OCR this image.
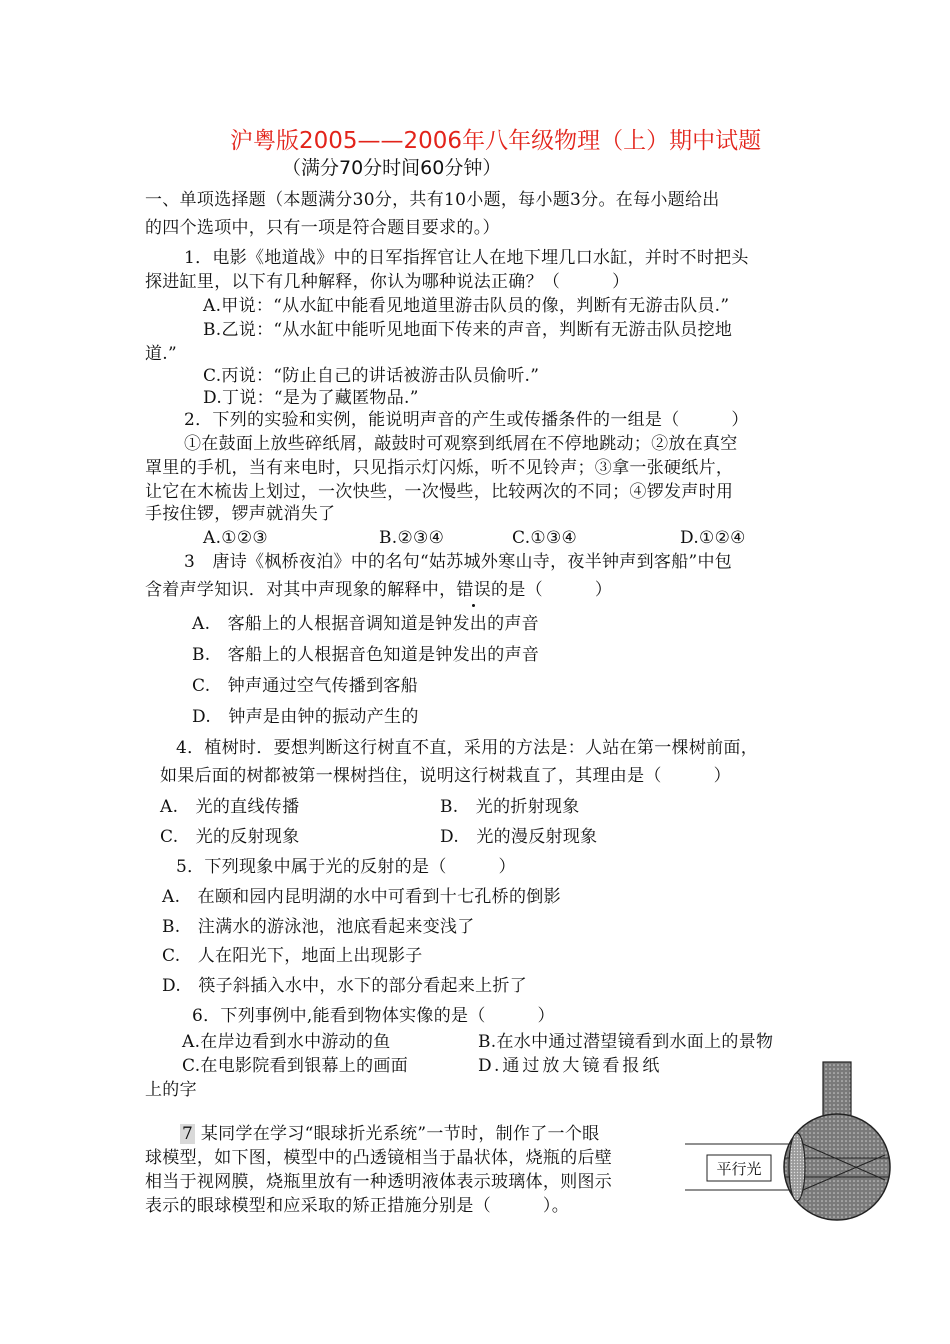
沪粤版2005——2006年八年级物理（上）期中试题
（满分70分时间60分钟）
一、单项选择题（本题满分30分，共有10小题，每小题3分。在每小题给出
的四个选项中，只有一项是符合题目要求的。）
1．电影《地道战》中的日军指挥官让人在地下埋几口水缸，并时不时把头
探进缸里，以下有几种解释，你认为哪种说法正确？（　　　）
A.甲说：“从水缸中能看见地道里游击队员的像，判断有无游击队员.”
B.乙说：“从水缸中能听见地面下传来的声音，判断有无游击队员挖地
道.”
C.丙说：“防止自己的讲话被游击队员偷听.”
D.丁说：“是为了藏匿物品.”
2．下列的实验和实例，能说明声音的产生或传播条件的一组是（　　　）
①在鼓面上放些碎纸屑，敲鼓时可观察到纸屑在不停地跳动；②放在真空
罩里的手机，当有来电时，只见指示灯闪烁，听不见铃声；③拿一张硬纸片，
让它在木梳齿上划过，一次快些，一次慢些，比较两次的不同；④锣发声时用
手按住锣，锣声就消失了
A.①②③	B.②③④	C.①③④	D.①②④
3　唐诗《枫桥夜泊》中的名句“姑苏城外寒山寺，夜半钟声到客船”中包
含着声学知识．对其中声现象的解释中，错误的是（　　　）
A.　客船上的人根据音调知道是钟发出的声音
B.　客船上的人根据音色知道是钟发出的声音
C.　钟声通过空气传播到客船
D.　钟声是由钟的振动产生的
4．植树时．要想判断这行树直不直，采用的方法是：人站在第一棵树前面，
如果后面的树都被第一棵树挡住，说明这行树栽直了，其理由是（　　　）
A.　光的直线传播	B.　光的折射现象
C.　光的反射现象	D.　光的漫反射现象
5．下列现象中属于光的反射的是（　　　）
A.　在颐和园内昆明湖的水中可看到十七孔桥的倒影
B.　注满水的游泳池，池底看起来变浅了
C.　人在阳光下，地面上出现影子
D.　筷子斜插入水中，水下的部分看起来上折了
6．下列事例中,能看到物体实像的是（　　　）
A.在岸边看到水中游动的鱼	B.在水中通过潜望镜看到水面上的景物
C.在电影院看到银幕上的画面	D.通过放大镜看报纸
上的字
7 某同学在学习“眼球折光系统”一节时，制作了一个眼
球模型，如下图，模型中的凸透镜相当于晶状体，烧瓶的后壁
相当于视网膜，烧瓶里放有一种透明液体表示玻璃体，则图示
表示的眼球模型和应采取的矫正措施分别是（　　　）。
平行光
